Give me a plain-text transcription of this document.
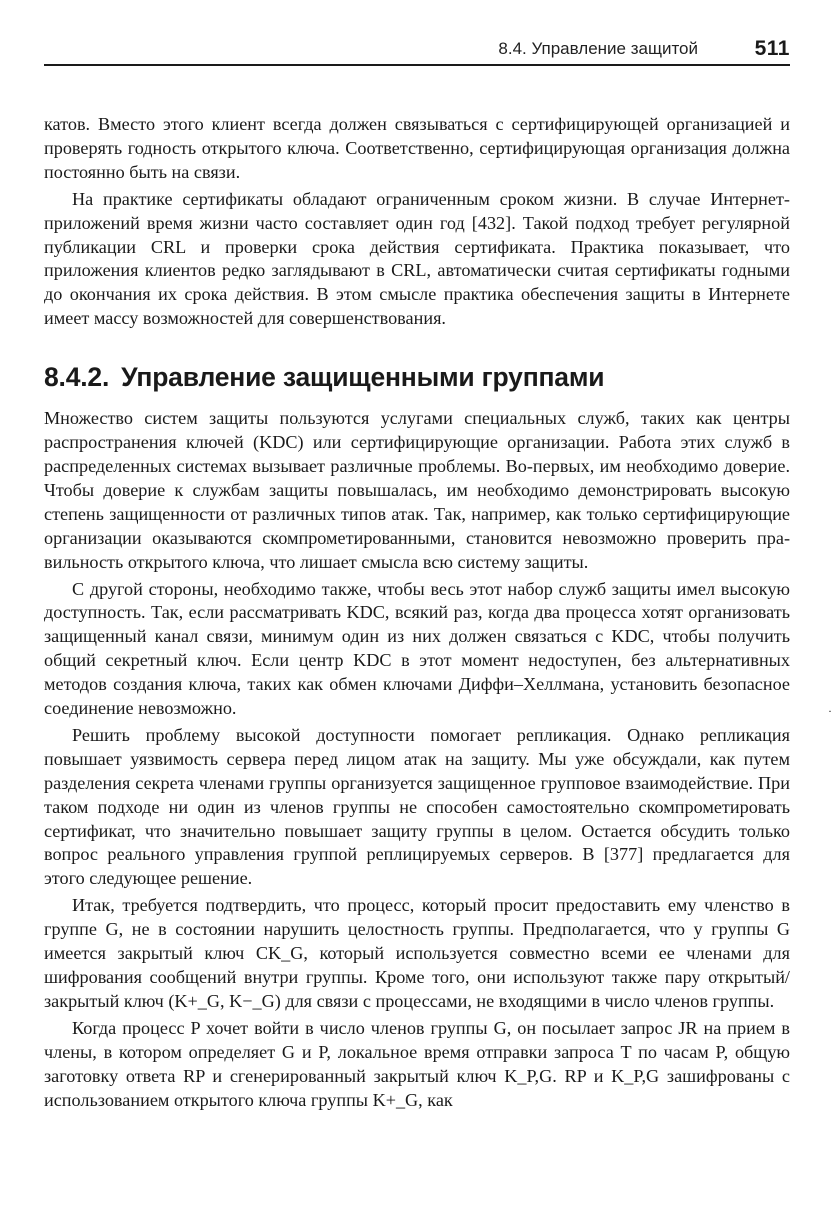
8.4. Управление защитой	511

катов. Вместо этого клиент всегда должен связываться с сертифицирующей организацией и проверять годность открытого ключа. Соответственно, сертифицирующая организация должна постоянно быть на связи.

На практике сертификаты обладают ограниченным сроком жизни. В случае Интернет-приложений время жизни часто составляет один год [432]. Такой подход требует регулярной публикации CRL и проверки срока действия сертификата. Практика показывает, что приложения клиентов редко заглядывают в CRL, автоматически считая сертификаты годными до окончания их срока действия. В этом смысле практика обеспечения защиты в Интернете имеет массу возможностей для совершенствования.

8.4.2. Управление защищенными группами

Множество систем защиты пользуются услугами специальных служб, таких как центры распространения ключей (KDC) или сертифицирующие организации. Работа этих служб в распределенных системах вызывает различные проблемы. Во-первых, им необходимо доверие. Чтобы доверие к службам защиты повышалась, им необходимо демонстрировать высокую степень защищенности от различных типов атак. Так, например, как только сертифицирующие организации оказываются скомпрометированными, становится невозможно проверить правильность открытого ключа, что лишает смысла всю систему защиты.

С другой стороны, необходимо также, чтобы весь этот набор служб защиты имел высокую доступность. Так, если рассматривать KDC, всякий раз, когда два процесса хотят организовать защищенный канал связи, минимум один из них должен связаться с KDC, чтобы получить общий секретный ключ. Если центр KDC в этот момент недоступен, без альтернативных методов создания ключа, таких как обмен ключами Диффи–Хеллмана, установить безопасное соединение невозможно.

Решить проблему высокой доступности помогает репликация. Однако репликация повышает уязвимость сервера перед лицом атак на защиту. Мы уже обсуждали, как путем разделения секрета членами группы организуется защищенное групповое взаимодействие. При таком подходе ни один из членов группы не способен самостоятельно скомпрометировать сертификат, что значительно повышает защиту группы в целом. Остается обсудить только вопрос реального управления группой реплицируемых серверов. В [377] предлагается для этого следующее решение.

Итак, требуется подтвердить, что процесс, который просит предоставить ему членство в группе G, не в состоянии нарушить целостность группы. Предполагается, что у группы G имеется закрытый ключ CK_G, который используется совместно всеми ее членами для шифрования сообщений внутри группы. Кроме того, они используют также пару открытый/закрытый ключ (K+_G, K−_G) для связи с процессами, не входящими в число членов группы.

Когда процесс P хочет войти в число членов группы G, он посылает запрос JR на прием в члены, в котором определяет G и P, локальное время отправки запроса T по часам P, общую заготовку ответа RP и сгенерированный закрытый ключ K_P,G. RP и K_P,G зашифрованы с использованием открытого ключа группы K+_G, как

·
